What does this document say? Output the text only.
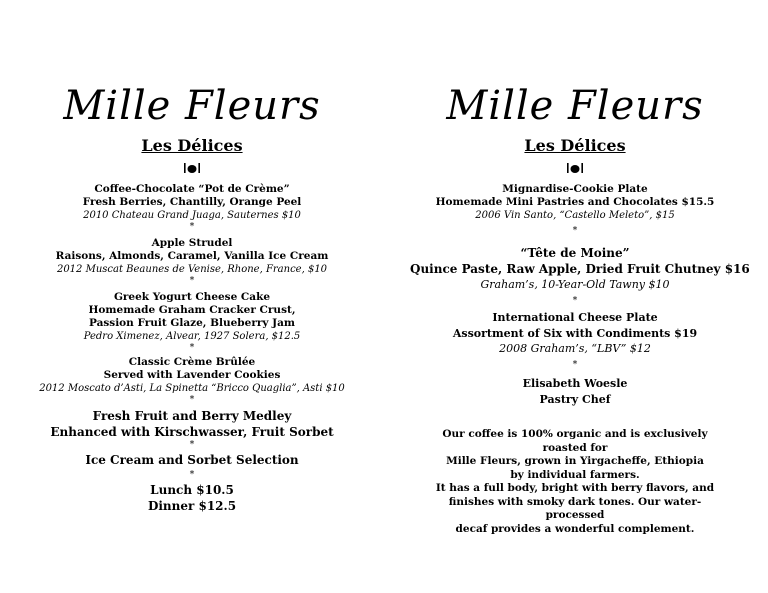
Mille Fleurs
Les Délices
Coffee-Chocolate “Pot de Crème”
Fresh Berries, Chantilly, Orange Peel
2010 Chateau Grand Juaga, Sauternes $10
*
Apple Strudel
Raisons, Almonds, Caramel, Vanilla Ice Cream
2012 Muscat Beaunes de Venise, Rhone, France, $10
*
Greek Yogurt Cheese Cake
Homemade Graham Cracker Crust,
Passion Fruit Glaze, Blueberry Jam
Pedro Ximenez, Alvear, 1927 Solera, $12.5
*
Classic Crème Brûlée
Served with Lavender Cookies
2012 Moscato d’Asti, La Spinetta “Bricco Quaglia”, Asti $10
*
Fresh Fruit and Berry Medley
Enhanced with Kirschwasser, Fruit Sorbet
*
Ice Cream and Sorbet Selection
*
Lunch $10.5
Dinner $12.5
Mille Fleurs
Les Délices
Mignardise-Cookie Plate
Homemade Mini Pastries and Chocolates $15.5
2006 Vin Santo, “Castello Meleto”, $15
*
“Tête de Moine”
Quince Paste, Raw Apple, Dried Fruit Chutney $16
Graham’s, 10-Year-Old Tawny $10
*
International Cheese Plate
Assortment of Six with Condiments $19
2008 Graham’s, “LBV” $12
*
Elisabeth Woesle
Pastry Chef
Our coffee is 100% organic and is exclusively roasted for
Mille Fleurs, grown in Yirgacheffe, Ethiopia
by individual farmers.
It has a full body, bright with berry flavors, and
finishes with smoky dark tones. Our water-processed
decaf provides a wonderful complement.
